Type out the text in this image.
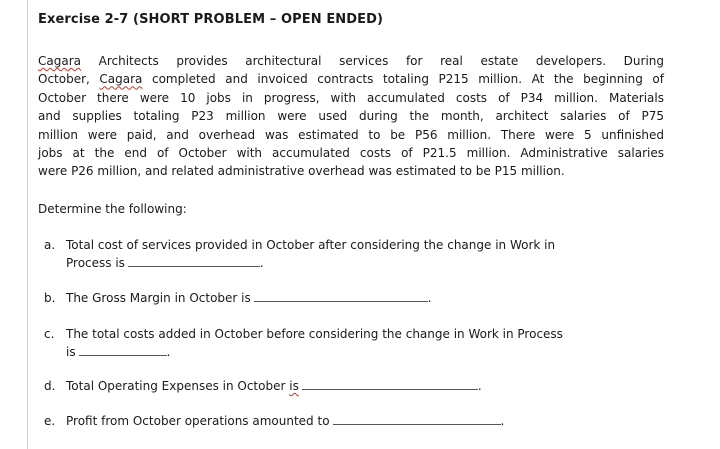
Exercise 2-7 (SHORT PROBLEM – OPEN ENDED)
Cagara Architects provides architectural services for real estate developers. During
October, Cagara completed and invoiced contracts totaling P215 million. At the beginning of
October there were 10 jobs in progress, with accumulated costs of P34 million. Materials
and supplies totaling P23 million were used during the month, architect salaries of P75
million were paid, and overhead was estimated to be P56 million. There were 5 unfinished
jobs at the end of October with accumulated costs of P21.5 million. Administrative salaries
were P26 million, and related administrative overhead was estimated to be P15 million.
Determine the following:
a. Total cost of services provided in October after considering the change in Work in
Process is	.
b. The Gross Margin in October is	.
c. The total costs added in October before considering the change in Work in Process
is	.
d. Total Operating Expenses in October is	.
e. Profit from October operations amounted to	.
